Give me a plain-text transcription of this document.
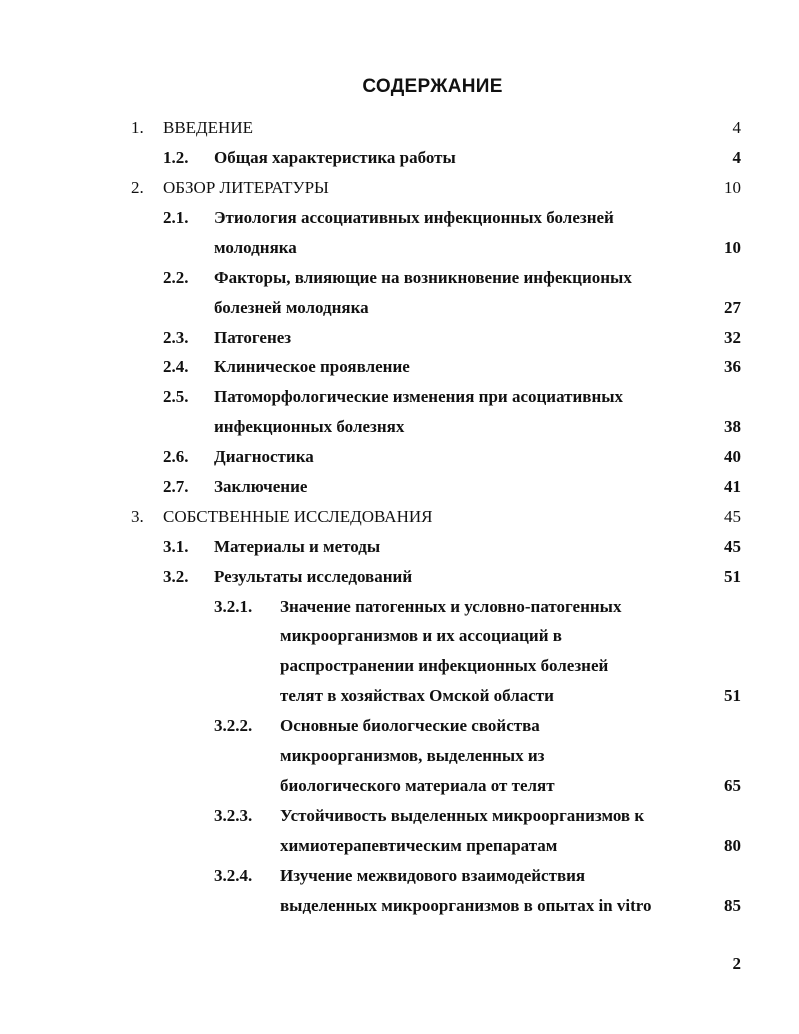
СОДЕРЖАНИЕ
1. ВВЕДЕНИЕ	4
1.2. Общая характеристика работы	4
2. ОБЗОР ЛИТЕРАТУРЫ	10
2.1. Этиология ассоциативных инфекционных болезней
молодняка	10
2.2. Факторы, влияющие на возникновение инфекционых
болезней молодняка	27
2.3. Патогенез	32
2.4. Клиническое проявление	36
2.5. Патоморфологические изменения при асоциативных
инфекционных болезнях	38
2.6. Диагностика	40
2.7. Заключение	41
3. СОБСТВЕННЫЕ ИССЛЕДОВАНИЯ	45
3.1. Материалы и методы	45
3.2. Результаты исследований	51
3.2.1. Значение патогенных и условно-патогенных
микроорганизмов и их ассоциаций в
распространении инфекционных болезней
телят в хозяйствах Омской области	51
3.2.2. Основные биологческие свойства
микроорганизмов, выделенных из
биологического материала от телят	65
3.2.3. Устойчивость выделенных микроорганизмов к
химиотерапевтическим препаратам	80
3.2.4. Изучение межвидового взаимодействия
выделенных микроорганизмов в опытах in vitro	85
2
